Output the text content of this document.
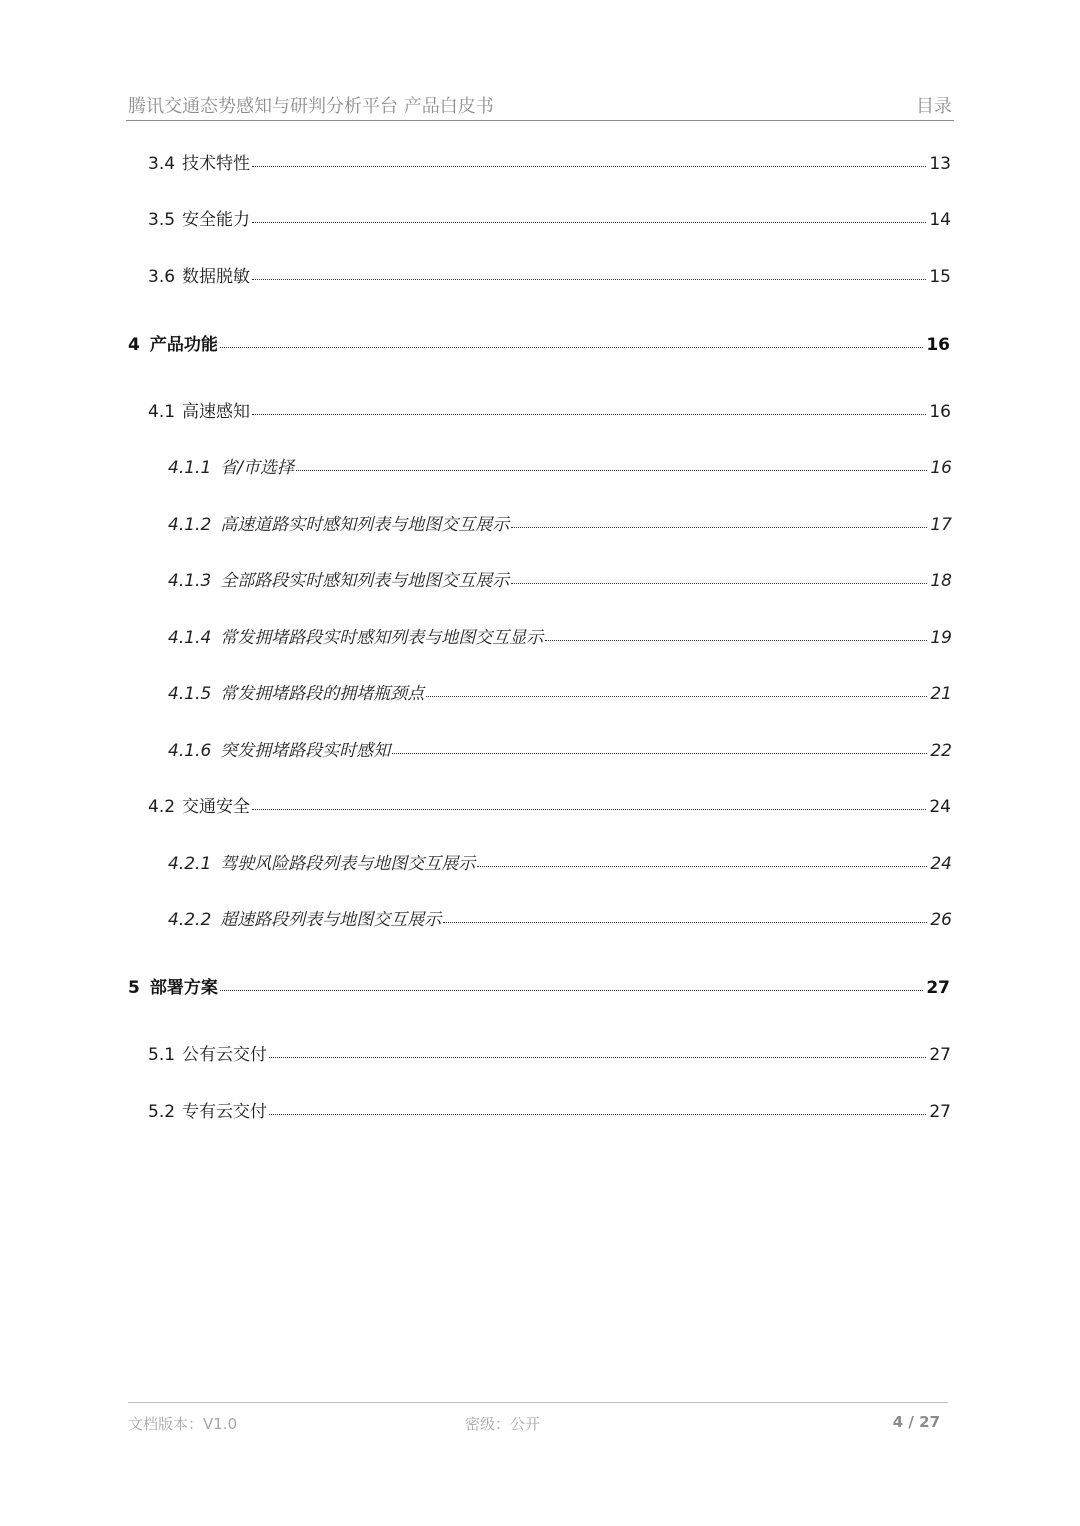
腾讯交通态势感知与研判分析平台 产品白皮书	目录
3.4 技术特性	13
3.5 安全能力	14
3.6 数据脱敏	15
4 产品功能	16
4.1 高速感知	16
4.1.1 省/市选择	16
4.1.2 高速道路实时感知列表与地图交互展示	17
4.1.3 全部路段实时感知列表与地图交互展示	18
4.1.4 常发拥堵路段实时感知列表与地图交互显示	19
4.1.5 常发拥堵路段的拥堵瓶颈点	21
4.1.6 突发拥堵路段实时感知	22
4.2 交通安全	24
4.2.1 驾驶风险路段列表与地图交互展示	24
4.2.2 超速路段列表与地图交互展示	26
5 部署方案	27
5.1 公有云交付	27
5.2 专有云交付	27
文档版本：V1.0	密级：公开	4 / 27
